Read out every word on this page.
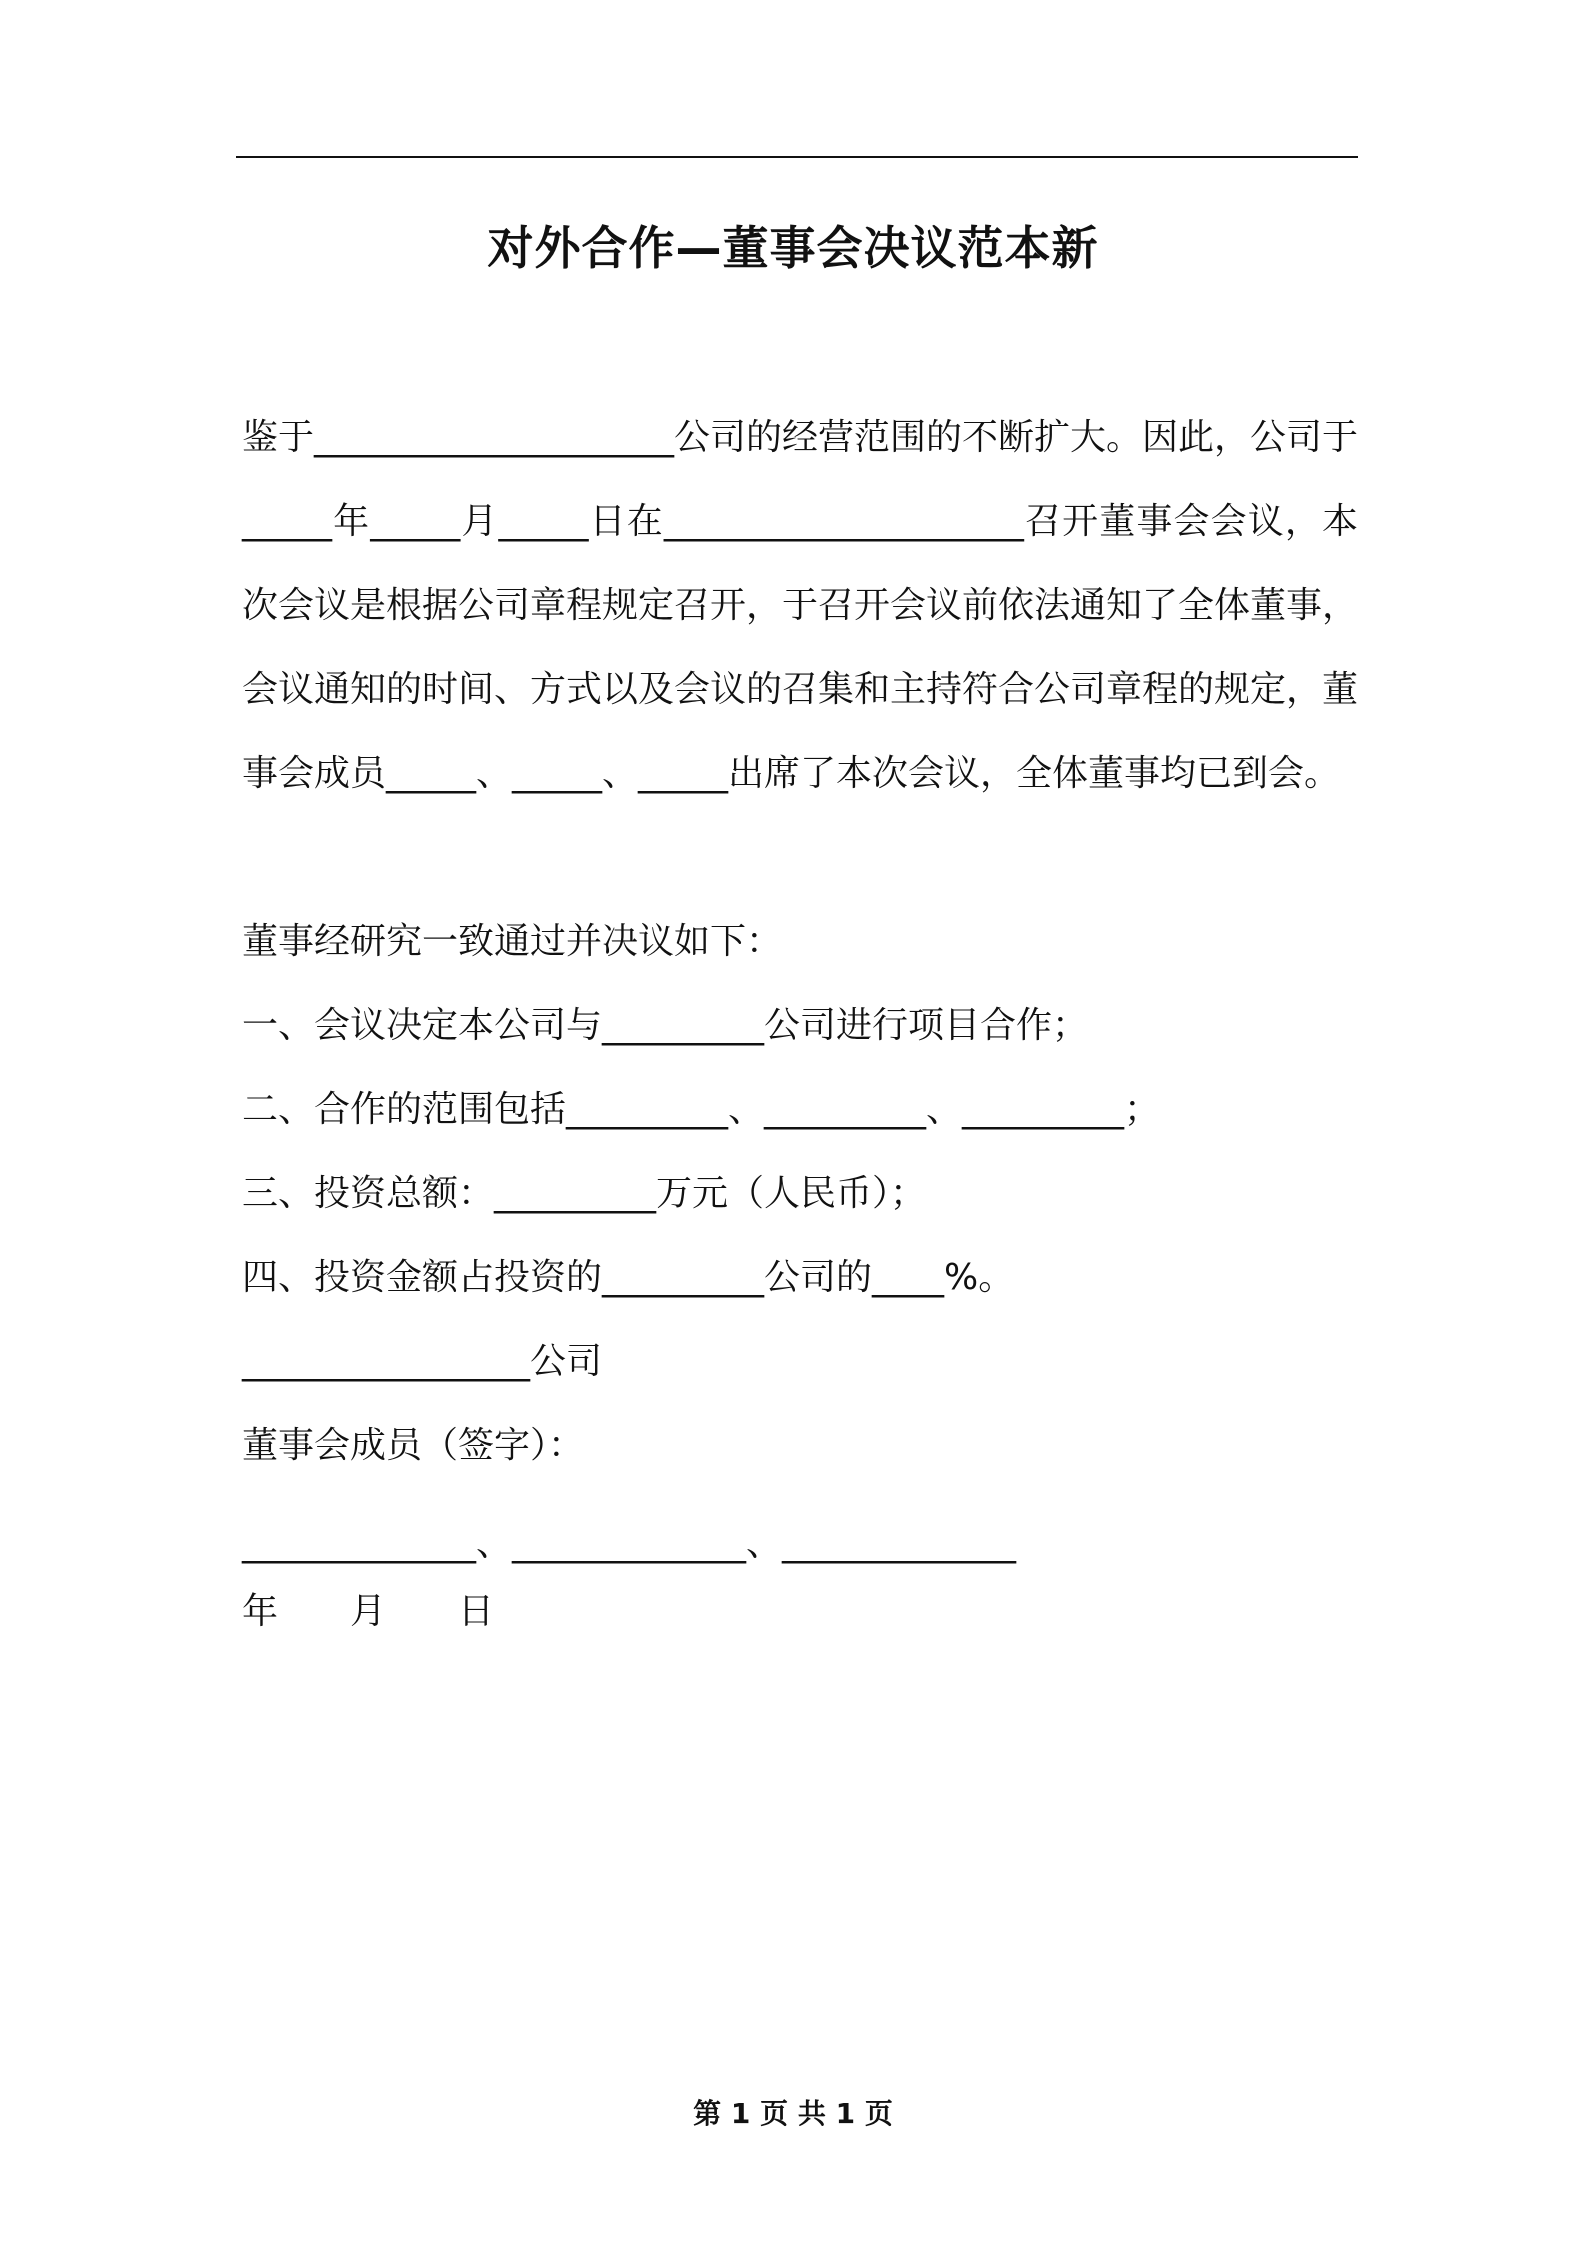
对外合作—董事会决议范本新
鉴于____________________公司的经营范围的不断扩大。因此，公司于_____年_____月_____日在____________________召开董事会会议，本次会议是根据公司章程规定召开，于召开会议前依法通知了全体董事，会议通知的时间、方式以及会议的召集和主持符合公司章程的规定，董事会成员_____、_____、_____出席了本次会议，全体董事均已到会。
董事经研究一致通过并决议如下：
一、会议决定本公司与_________公司进行项目合作；
二、合作的范围包括_________、_________、_________；
三、投资总额：_________万元（人民币）；
四、投资金额占投资的_________公司的____%。
________________公司
董事会成员（签字）：
_____________、_____________、_____________
年　　月　　日
第 1 页 共 1 页
